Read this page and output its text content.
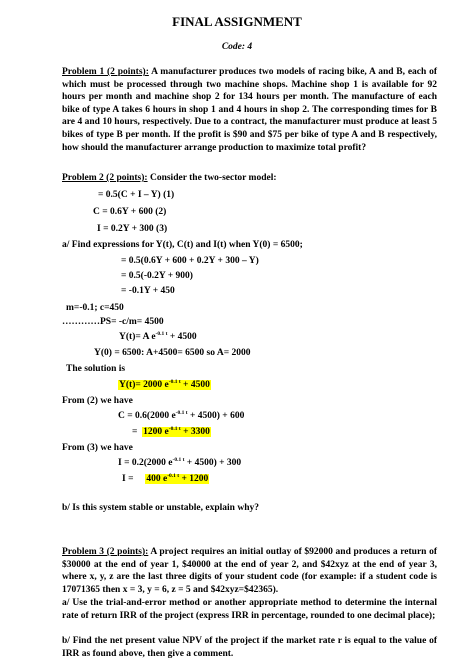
FINAL ASSIGNMENT
Code: 4
Problem 1 (2 points): A manufacturer produces two models of racing bike, A and B, each of which must be processed through two machine shops. Machine shop 1 is available for 92 hours per month and machine shop 2 for 134 hours per month. The manufacture of each bike of type A takes 6 hours in shop 1 and 4 hours in shop 2. The corresponding times for B are 4 and 10 hours, respectively. Due to a contract, the manufacturer must produce at least 5 bikes of type B per month. If the profit is $90 and $75 per bike of type A and B respectively, how should the manufacturer arrange production to maximize total profit?
Problem 2 (2 points): Consider the two-sector model:
= 0.5(C + I – Y) (1)
C = 0.6Y + 600 (2)
I = 0.2Y + 300 (3)
a/ Find expressions for Y(t), C(t) and I(t) when Y(0) = 6500;
= 0.5(0.6Y + 600 + 0.2Y + 300 – Y)
= 0.5(-0.2Y + 900)
= -0.1Y + 450
m=-0.1; c=450
…………PS= -c/m= 4500
Y(t)= A $e^{-0.1 t} + 4500$
Y(0) = 6500: A+4500= 6500 so A= 2000
The solution is
Y(t)= 2000 $e^{-0.1 t} + 4500$
From (2) we have
C = 0.6(2000 $e^{-0.1 t} + 4500) + 600$
= 1200 $e^{-0.1 t} + 3300$
From (3) we have
I = 0.2(2000 $e^{-0.1 t} + 4500) + 300$
I = 400 $e^{-0.1 t} + 1200$
b/ Is this system stable or unstable, explain why?
Problem 3 (2 points): A project requires an initial outlay of $92000 and produces a return of $30000 at the end of year 1, $40000 at the end of year 2, and $42xyz at the end of year 3, where x, y, z are the last three digits of your student code (for example: if a student code is 17071365 then x = 3, y = 6, z = 5 and $42xyz=$42365).
a/ Use the trial-and-error method or another appropriate method to determine the internal rate of return IRR of the project (express IRR in percentage, rounded to one decimal place);
b/ Find the net present value NPV of the project if the market rate r is equal to the value of IRR as found above, then give a comment.
